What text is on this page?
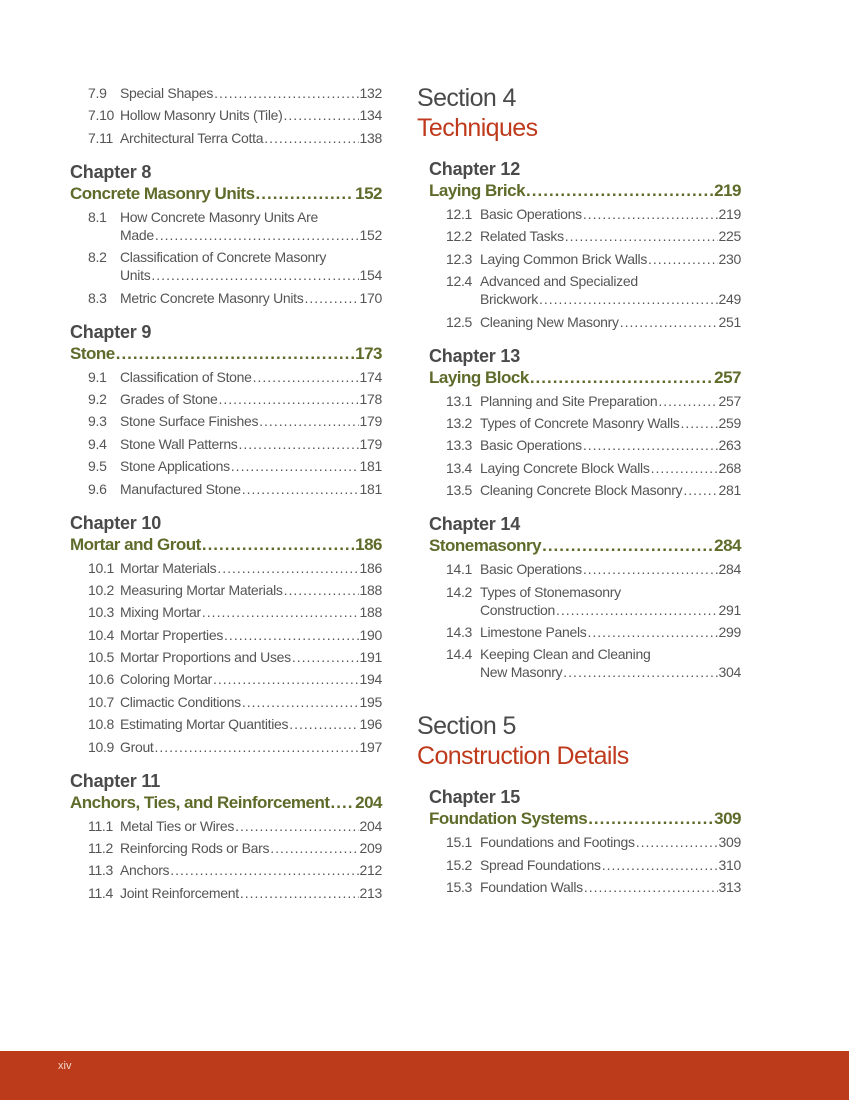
7.9 Special Shapes .....	132
7.10 Hollow Masonry Units (Tile) .....	134
7.11 Architectural Terra Cotta .....	138
Chapter 8
Concrete Masonry Units .....	152
8.1 How Concrete Masonry Units Are
Made .....	152
8.2 Classification of Concrete Masonry
Units .....	154
8.3 Metric Concrete Masonry Units .....	170
Chapter 9
Stone .....	173
9.1 Classification of Stone .....	174
9.2 Grades of Stone .....	178
9.3 Stone Surface Finishes .....	179
9.4 Stone Wall Patterns .....	179
9.5 Stone Applications .....	181
9.6 Manufactured Stone .....	181
Chapter 10
Mortar and Grout .....	186
10.1 Mortar Materials .....	186
10.2 Measuring Mortar Materials .....	188
10.3 Mixing Mortar .....	188
10.4 Mortar Properties .....	190
10.5 Mortar Proportions and Uses .....	191
10.6 Coloring Mortar .....	194
10.7 Climactic Conditions .....	195
10.8 Estimating Mortar Quantities .....	196
10.9 Grout .....	197
Chapter 11
Anchors, Ties, and Reinforcement ..... 204
11.1 Metal Ties or Wires .....	204
11.2 Reinforcing Rods or Bars .....	209
11.3 Anchors .....	212
11.4 Joint Reinforcement .....	213
Section 4
Techniques
Chapter 12
Laying Brick .....	219
12.1 Basic Operations .....	219
12.2 Related Tasks .....	225
12.3 Laying Common Brick Walls .....	230
12.4 Advanced and Specialized
Brickwork .....	249
12.5 Cleaning New Masonry .....	251
Chapter 13
Laying Block .....	257
13.1 Planning and Site Preparation .....	257
13.2 Types of Concrete Masonry Walls .....	259
13.3 Basic Operations .....	263
13.4 Laying Concrete Block Walls .....	268
13.5 Cleaning Concrete Block Masonry .....	281
Chapter 14
Stonemasonry .....	284
14.1 Basic Operations .....	284
14.2 Types of Stonemasonry
Construction .....	291
14.3 Limestone Panels .....	299
14.4 Keeping Clean and Cleaning
New Masonry .....	304
Section 5
Construction Details
Chapter 15
Foundation Systems .....	309
15.1 Foundations and Footings .....	309
15.2 Spread Foundations .....	310
15.3 Foundation Walls .....	313
xiv
